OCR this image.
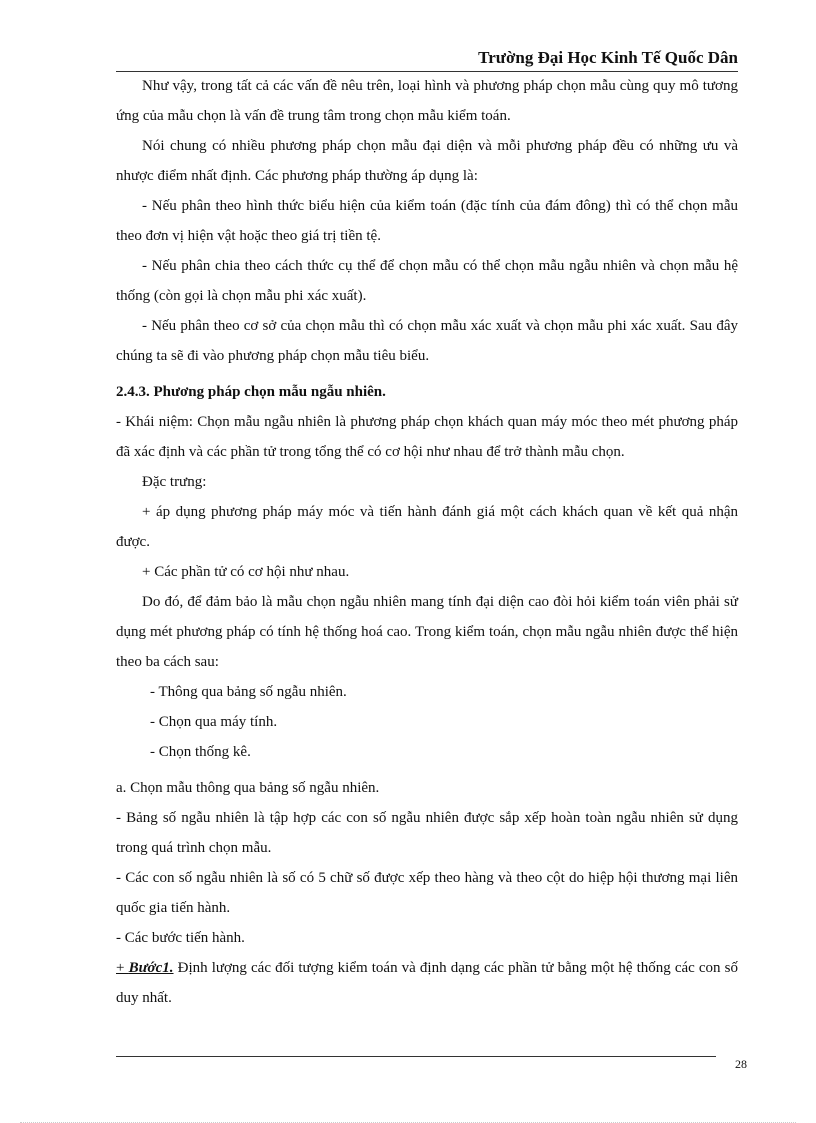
Trường Đại Học Kinh Tế Quốc Dân

Như vậy, trong tất cả các vấn đề nêu trên, loại hình và phương pháp chọn mẫu cùng quy mô tương ứng của mẫu chọn là vấn đề trung tâm trong chọn mẫu kiểm toán.

Nói chung có nhiều phương pháp chọn mẫu đại diện và mỗi phương pháp đều có những ưu và nhược điểm nhất định. Các phương pháp thường áp dụng là:

- Nếu phân theo hình thức biểu hiện của kiểm toán (đặc tính của đám đông) thì có thể chọn mẫu theo đơn vị hiện vật hoặc theo giá trị tiền tệ.

- Nếu phân chia theo cách thức cụ thể để chọn mẫu có thể chọn mẫu ngẫu nhiên và chọn mẫu hệ thống (còn gọi là chọn mẫu phi xác xuất).

- Nếu phân theo cơ sở của chọn mẫu thì có chọn mẫu xác xuất và chọn mẫu phi xác xuất. Sau đây chúng ta sẽ đi vào phương pháp chọn mẫu tiêu biểu.

2.4.3. Phương pháp chọn mẫu ngẫu nhiên.

- Khái niệm: Chọn mẫu ngẫu nhiên là phương pháp chọn khách quan máy móc theo mét phương pháp đã xác định và các phần tử trong tổng thể có cơ hội như nhau để trở thành mẫu chọn.

Đặc trưng:

+ áp dụng phương pháp máy móc và tiến hành đánh giá một cách khách quan về kết quả nhận được.

+ Các phần tử có cơ hội như nhau.

Do đó, để đảm bảo là mẫu chọn ngẫu nhiên mang tính đại diện cao đòi hỏi kiểm toán viên phải sử dụng mét phương pháp có tính hệ thống hoá cao. Trong kiểm toán, chọn mẫu ngẫu nhiên được thể hiện theo ba cách sau:

- Thông qua bảng số ngẫu nhiên.

- Chọn qua máy tính.

- Chọn thống kê.

a. Chọn mẫu thông qua bảng số ngẫu nhiên.

- Bảng số ngẫu nhiên là tập hợp các con số ngẫu nhiên được sắp xếp hoàn toàn ngẫu nhiên sử dụng trong quá trình chọn mẫu.

- Các con số ngẫu nhiên là số có 5 chữ số được xếp theo hàng và theo cột do hiệp hội thương mại liên quốc gia tiến hành.

- Các bước tiến hành.

+ Bước1. Định lượng các đối tượng kiểm toán và định dạng các phần tử bằng một hệ thống các con số duy nhất.

28
